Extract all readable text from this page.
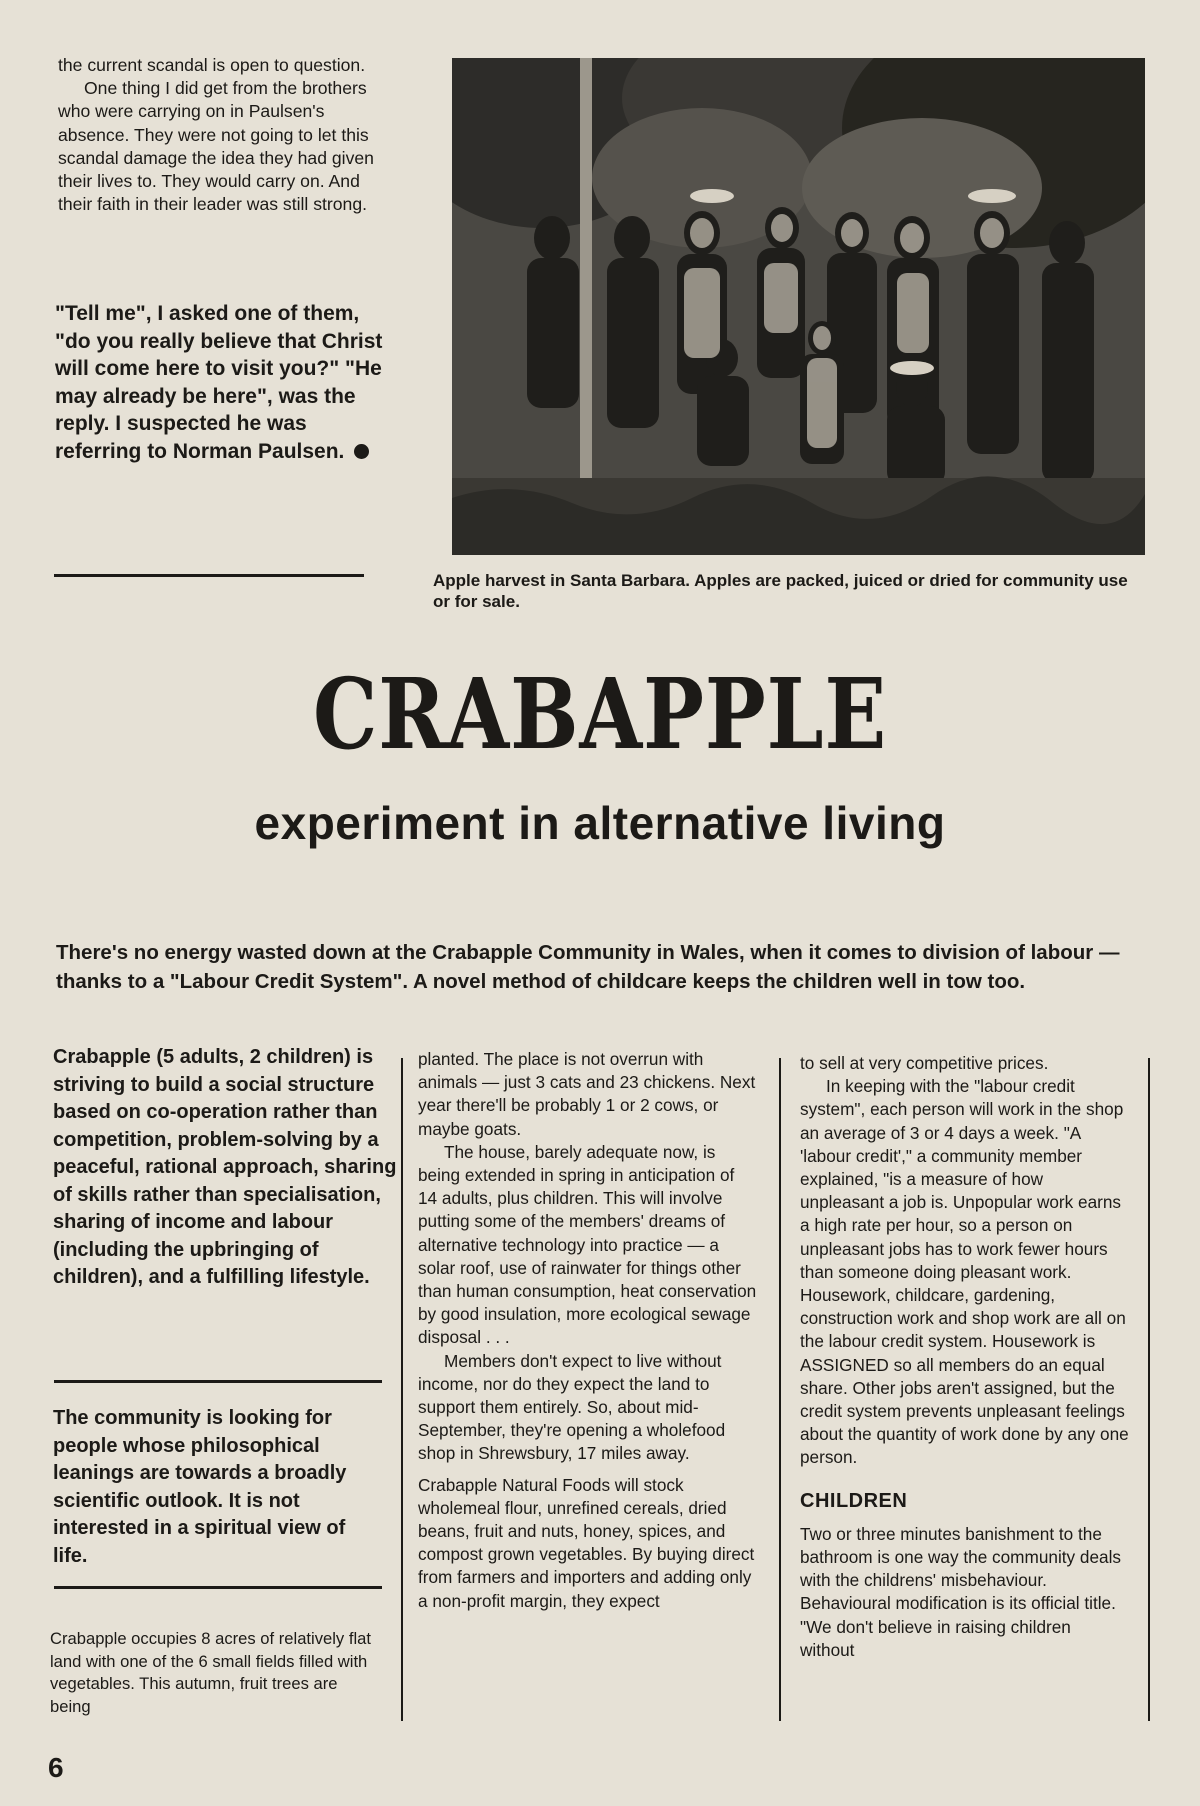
the current scandal is open to question.

One thing I did get from the brothers who were carrying on in Paulsen's absence. They were not going to let this scandal damage the idea they had given their lives to. They would carry on. And their faith in their leader was still strong.

"Tell me", I asked one of them, "do you really believe that Christ will come here to visit you?" "He may already be here", was the reply. I suspected he was referring to Norman Paulsen.
Apple harvest in Santa Barbara. Apples are packed, juiced or dried for community use or for sale.
CRABAPPLE
experiment in alternative living
There's no energy wasted down at the Crabapple Community in Wales, when it comes to division of labour — thanks to a "Labour Credit System". A novel method of childcare keeps the children well in tow too.
Crabapple (5 adults, 2 children) is striving to build a social structure based on co-operation rather than competition, problem-solving by a peaceful, rational approach, sharing of skills rather than specialisation, sharing of income and labour (including the upbringing of children), and a fulfilling lifestyle.
The community is looking for people whose philosophical leanings are towards a broadly scientific outlook. It is not interested in a spiritual view of life.
Crabapple occupies 8 acres of relatively flat land with one of the 6 small fields filled with vegetables. This autumn, fruit trees are being

planted. The place is not overrun with animals — just 3 cats and 23 chickens. Next year there'll be probably 1 or 2 cows, or maybe goats.

The house, barely adequate now, is being extended in spring in anticipation of 14 adults, plus children. This will involve putting some of the members' dreams of alternative technology into practice — a solar roof, use of rainwater for things other than human consumption, heat conservation by good insulation, more ecological sewage disposal . . .

Members don't expect to live without income, nor do they expect the land to support them entirely. So, about mid-September, they're opening a wholefood shop in Shrewsbury, 17 miles away.

Crabapple Natural Foods will stock wholemeal flour, unrefined cereals, dried beans, fruit and nuts, honey, spices, and compost grown vegetables. By buying direct from farmers and importers and adding only a non-profit margin, they expect

to sell at very competitive prices.

In keeping with the "labour credit system", each person will work in the shop an average of 3 or 4 days a week. "A 'labour credit'," a community member explained, "is a measure of how unpleasant a job is. Unpopular work earns a high rate per hour, so a person on unpleasant jobs has to work fewer hours than someone doing pleasant work. Housework, childcare, gardening, construction work and shop work are all on the labour credit system. Housework is ASSIGNED so all members do an equal share. Other jobs aren't assigned, but the credit system prevents unpleasant feelings about the quantity of work done by any one person.

CHILDREN

Two or three minutes banishment to the bathroom is one way the community deals with the childrens' misbehaviour. Behavioural modification is its official title. "We don't believe in raising children without

6
